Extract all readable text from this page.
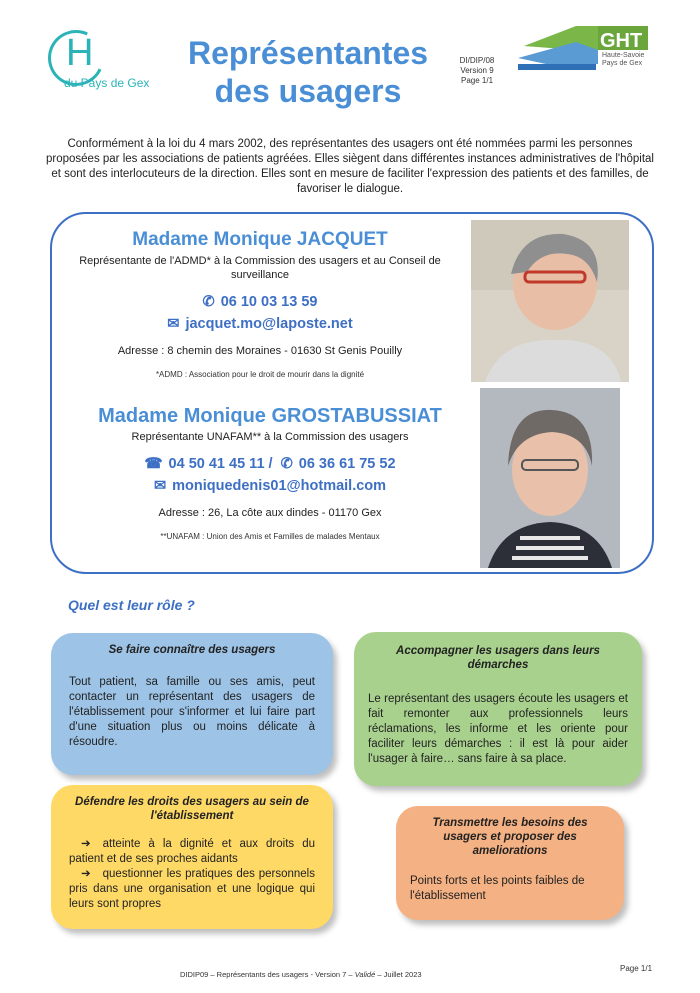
H
du Pays de Gex
Représentantes
des usagers
DI/DIP/08
Version 9
Page 1/1
GHT
Haute-Savoie
Pays de Gex

Conformément à la loi du 4 mars 2002, des représentantes des usagers ont été nommées parmi les personnes proposées par les associations de patients agréées. Elles siègent dans différentes instances administratives de l'hôpital et sont des interlocuteurs de la direction. Elles sont en mesure de faciliter l'expression des patients et des familles, de favoriser le dialogue.

Madame Monique JACQUET
Représentante de l'ADMD* à la Commission des usagers et au Conseil de surveillance
✆ 06 10 03 13 59
✉ jacquet.mo@laposte.net
Adresse : 8 chemin des Moraines - 01630 St Genis Pouilly
*ADMD : Association pour le droit de mourir dans la dignité
Madame Monique GROSTABUSSIAT
Représentante UNAFAM** à la Commission des usagers
☎ 04 50 41 45 11 / ✆ 06 36 61 75 52
✉ moniquedenis01@hotmail.com
Adresse : 26, La côte aux dindes - 01170 Gex
**UNAFAM : Union des Amis et Familles de malades Mentaux
Quel est leur rôle ?
Se faire connaître des usagers
Tout patient, sa famille ou ses amis, peut contacter un représentant des usagers de l'établissement pour s'informer et lui faire part d'une situation plus ou moins délicate à résoudre.
Accompagner les usagers dans leurs démarches
Le représentant des usagers écoute les usagers et fait remonter aux professionnels leurs réclamations, les informe et les oriente pour faciliter leurs démarches : il est là pour aider l'usager à faire… sans faire à sa place.
Défendre les droits des usagers au sein de l'établissement
➔ atteinte à la dignité et aux droits du patient et de ses proches aidants
➔ questionner les pratiques des personnels pris dans une organisation et une logique qui leurs sont propres
Transmettre les besoins des usagers et proposer des ameliorations
Points forts et les points faibles de l'établissement
Page 1/1
DIDIP09 – Représentants des usagers - Version 7 – Validé – Juillet 2023
